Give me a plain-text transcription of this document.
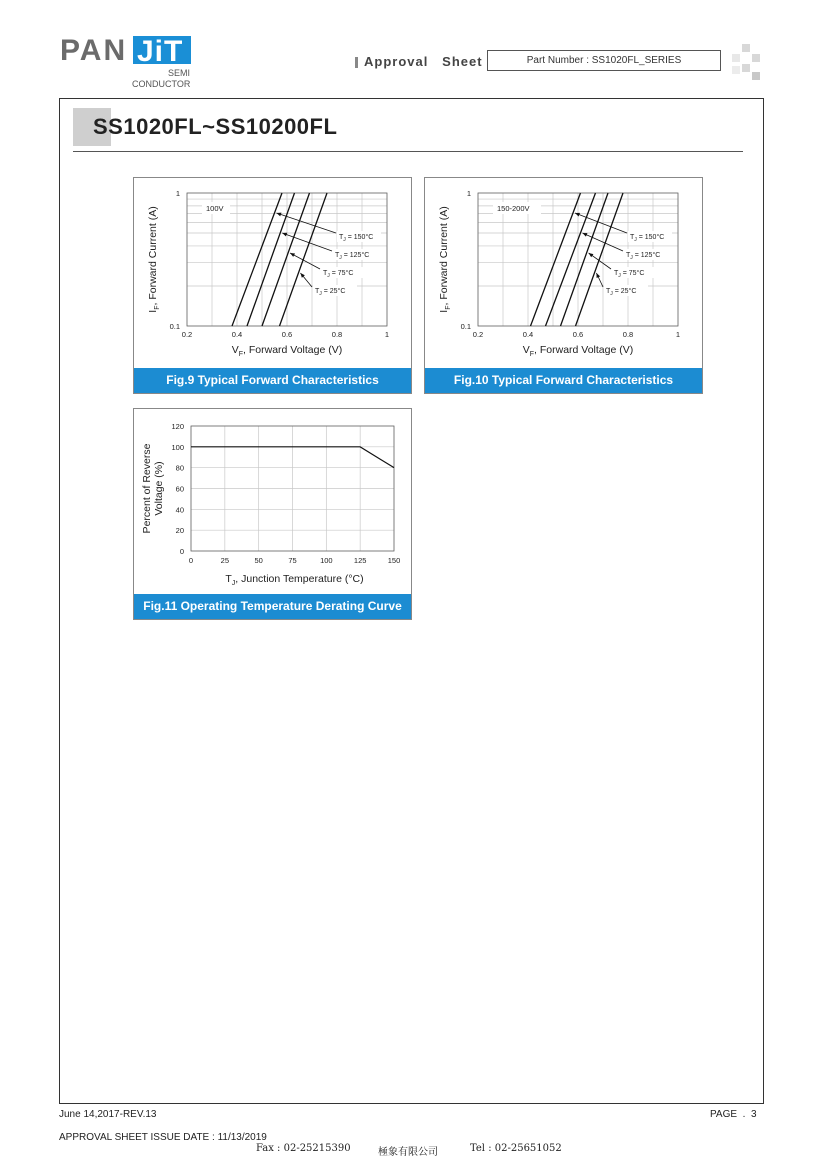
PAN JiT
SEMI
CONDUCTOR
Approval   Sheet	Part Number : SS1020FL_SERIES
SS1020FL~SS10200FL
0.2	0.4	0.6	0.8	1
1
0.1
$V_F$, Forward Voltage (V)
$I_F$, Forward Current (A)	100V
$T_J = 150^\circ C$
$T_J = 125^\circ C$
$T_J = 75^\circ C$
$T_J = 25^\circ C$
Fig.9 Typical Forward Characteristics
0.2	0.4	0.6	0.8	1
1
0.1
$V_F$, Forward Voltage (V)
$I_F$, Forward Current (A)	150-200V
$T_J = 150^\circ C$
$T_J = 125^\circ C$
$T_J = 75^\circ C$
$T_J = 25^\circ C$
Fig.10 Typical Forward Characteristics
0	25	50	75	100	125	150
120
100
80
60
40
20
0
$T_J$, Junction Temperature (°C)
Percent of Reverse Voltage (%)
Fig.11 Operating Temperature Derating Curve
June 14,2017-REV.13	PAGE  .  3
APPROVAL SHEET ISSUE DATE : 11/13/2019
Fax : 02-25215390	極象有限公司	Tel : 02-25651052
